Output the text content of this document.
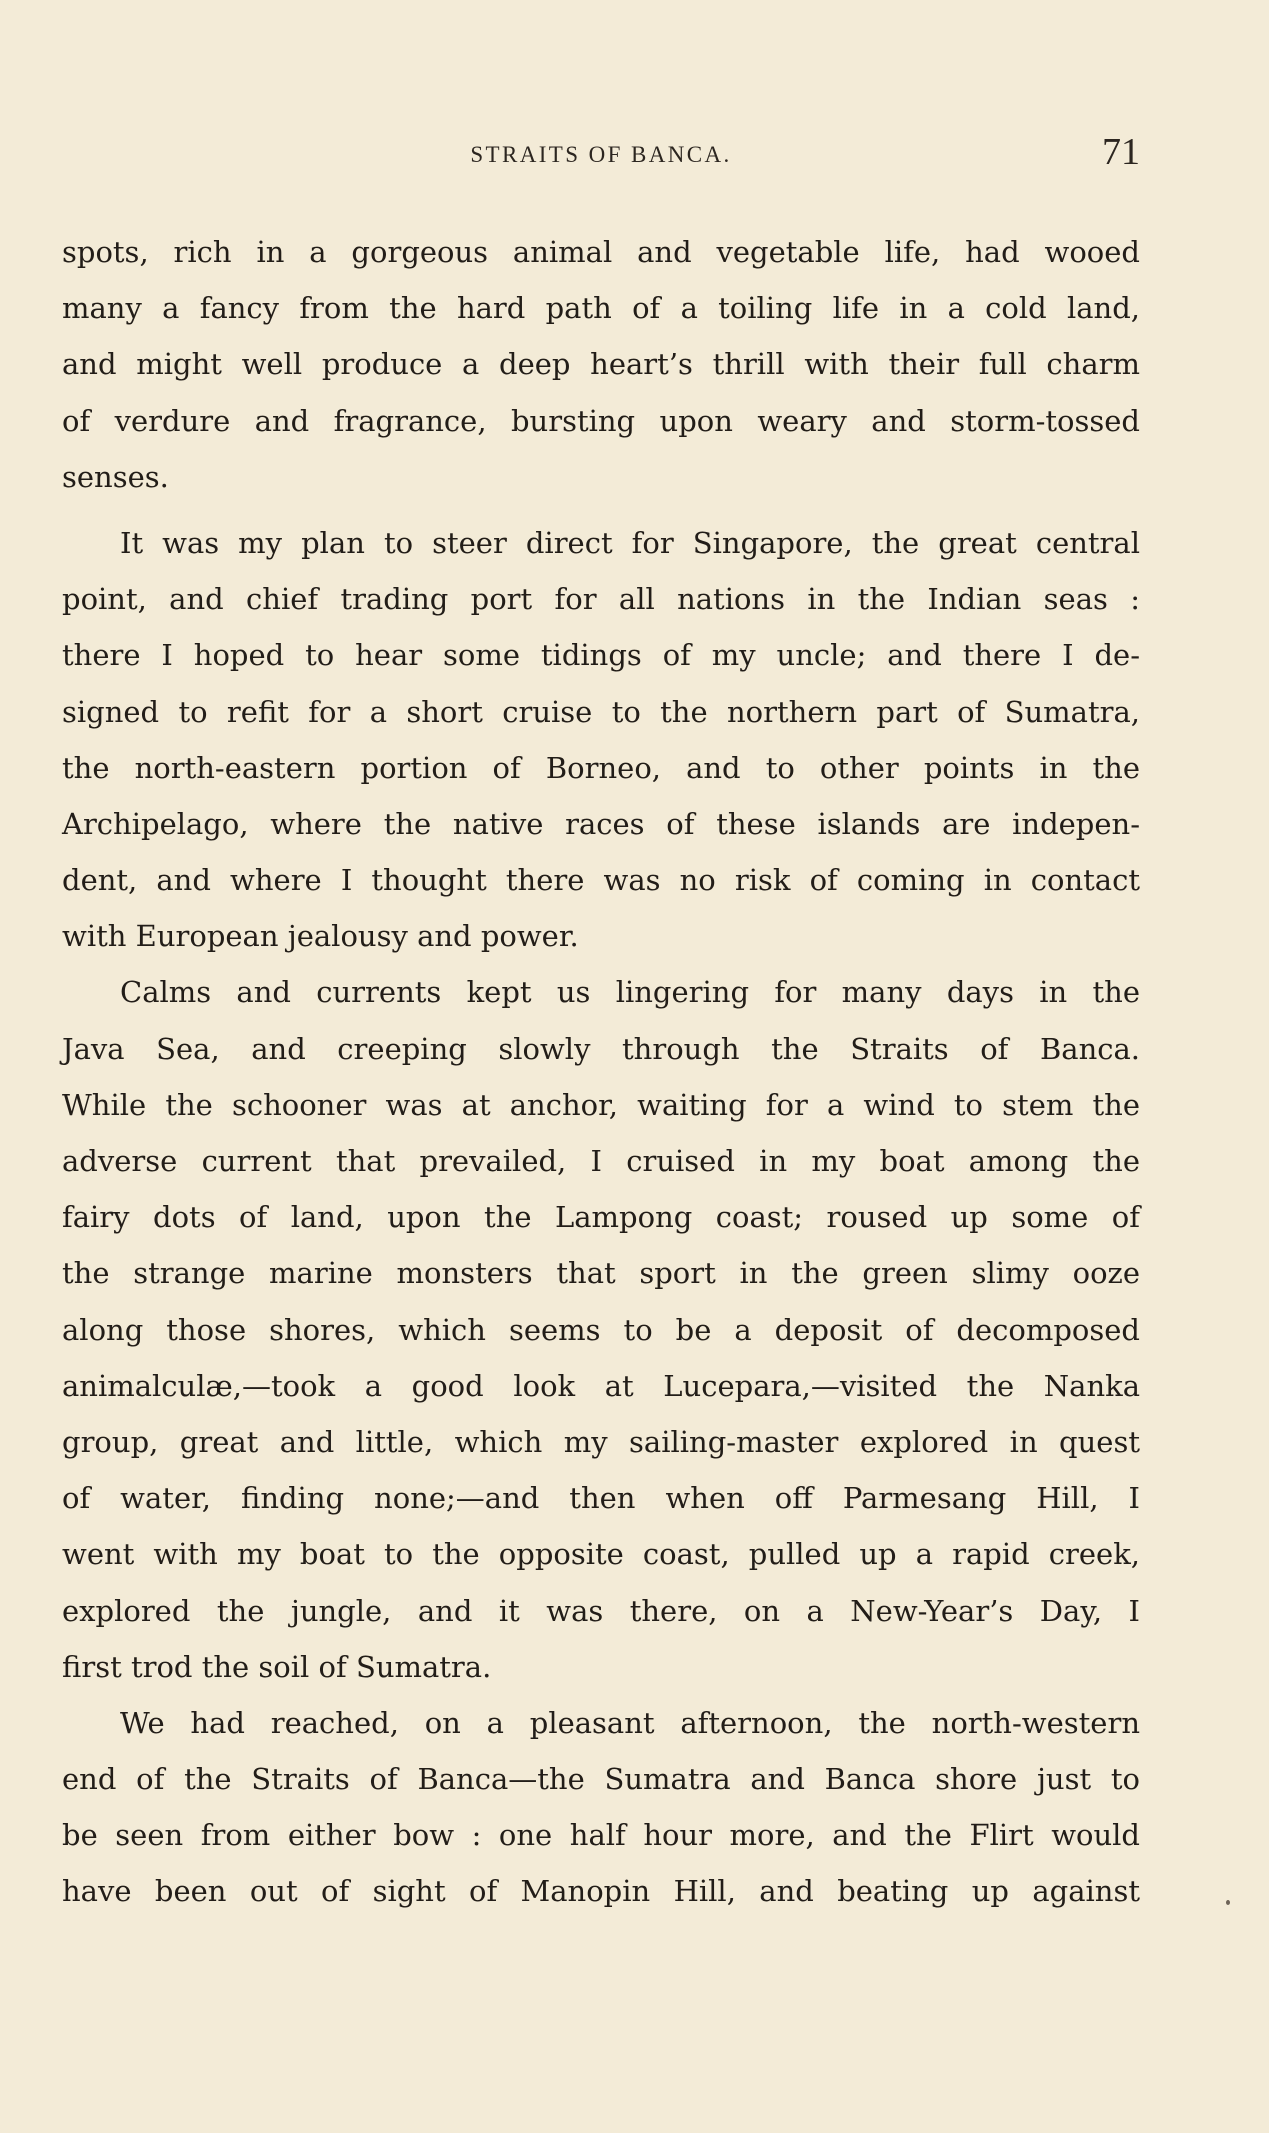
STRAITS OF BANCA.	71
spots, rich in a gorgeous animal and vegetable life, had wooed
many a fancy from the hard path of a toiling life in a cold land,
and might well produce a deep heart’s thrill with their full charm
of verdure and fragrance, bursting upon weary and storm-tossed
senses.
It was my plan to steer direct for Singapore, the great central
point, and chief trading port for all nations in the Indian seas :
there I hoped to hear some tidings of my uncle; and there I de-
signed to refit for a short cruise to the northern part of Sumatra,
the north-eastern portion of Borneo, and to other points in the
Archipelago, where the native races of these islands are indepen-
dent, and where I thought there was no risk of coming in contact
with European jealousy and power.
Calms and currents kept us lingering for many days in the
Java Sea, and creeping slowly through the Straits of Banca.
While the schooner was at anchor, waiting for a wind to stem the
adverse current that prevailed, I cruised in my boat among the
fairy dots of land, upon the Lampong coast; roused up some of
the strange marine monsters that sport in the green slimy ooze
along those shores, which seems to be a deposit of decomposed
animalculæ,—took a good look at Lucepara,—visited the Nanka
group, great and little, which my sailing-master explored in quest
of water, finding none;—and then when off Parmesang Hill, I
went with my boat to the opposite coast, pulled up a rapid creek,
explored the jungle, and it was there, on a New-Year’s Day, I
first trod the soil of Sumatra.
We had reached, on a pleasant afternoon, the north-western
end of the Straits of Banca—the Sumatra and Banca shore just to
be seen from either bow : one half hour more, and the Flirt would
have been out of sight of Manopin Hill, and beating up against
